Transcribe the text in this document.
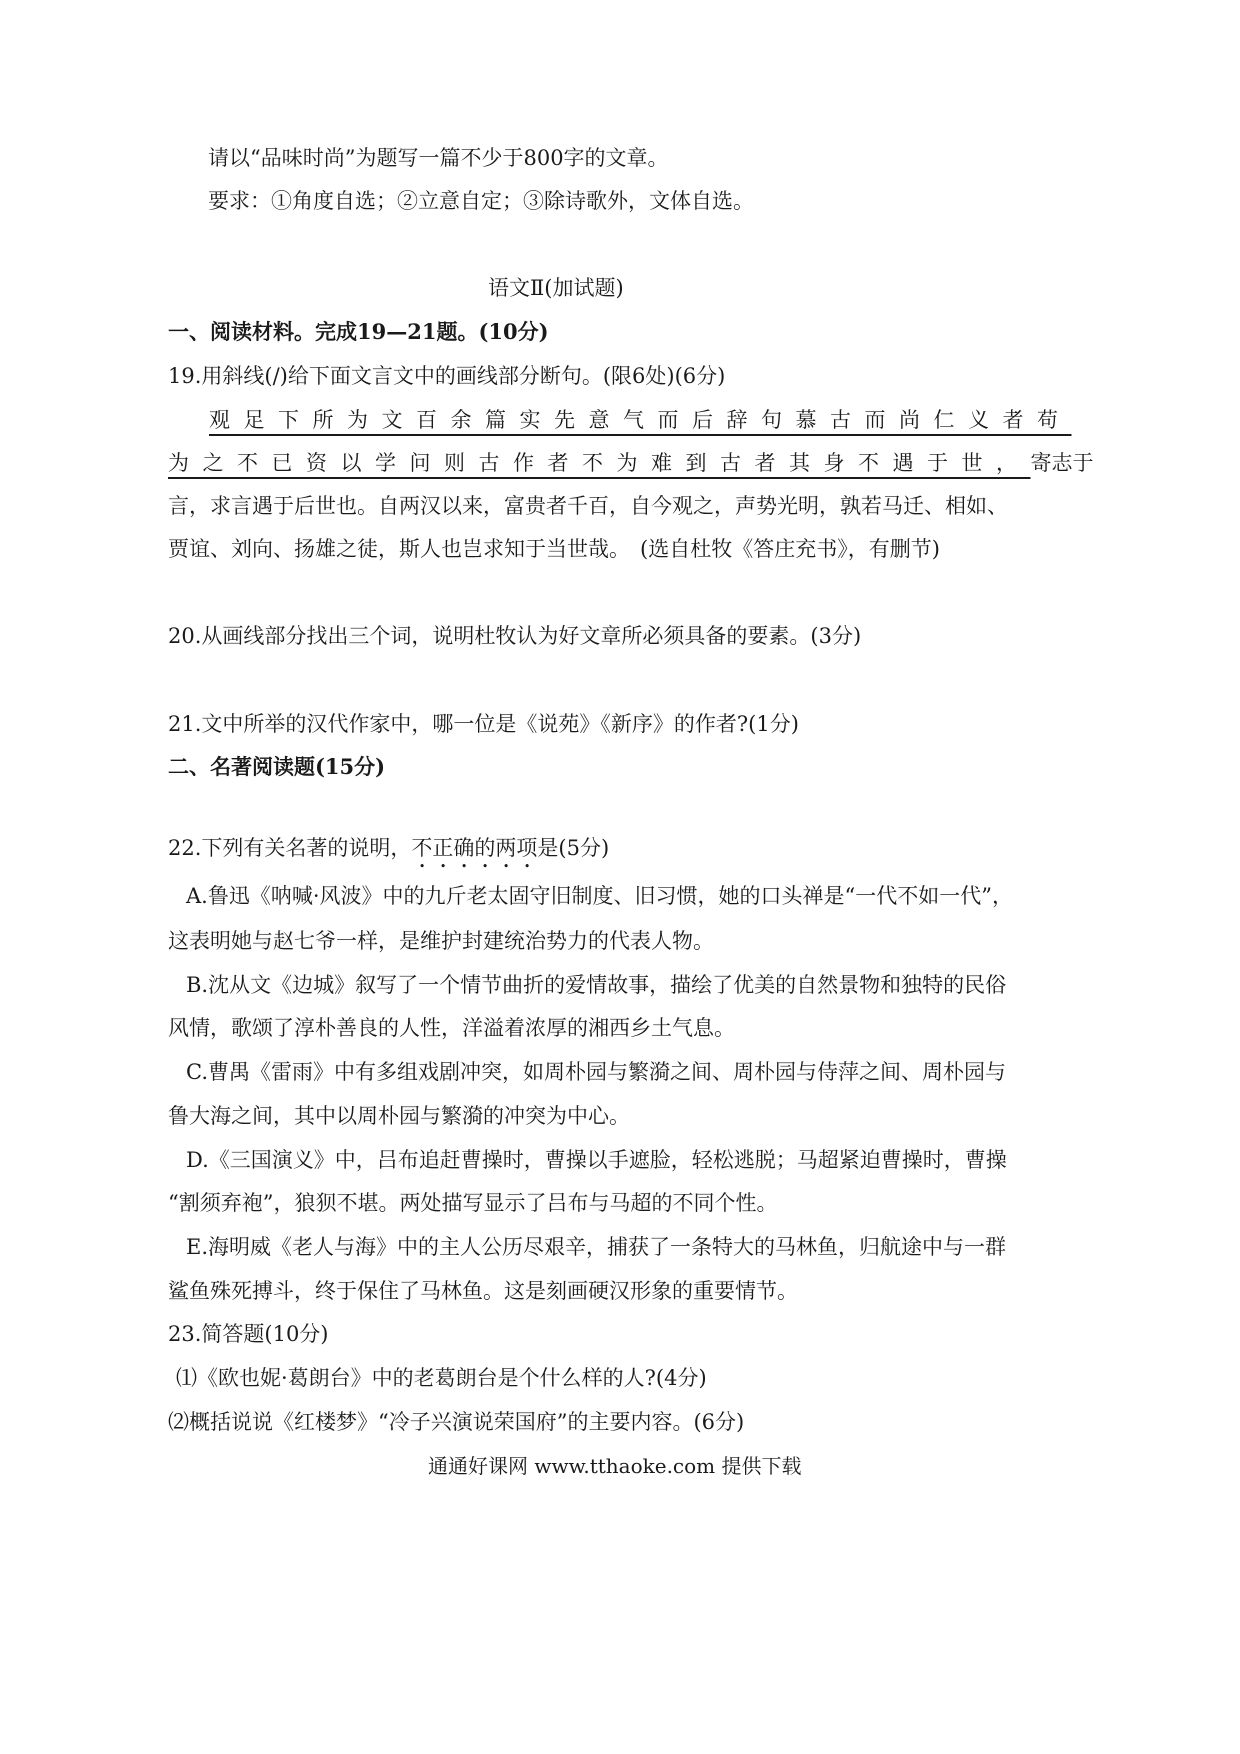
请以“品味时尚”为题写一篇不少于800字的文章。
要求：①角度自选；②立意自定；③除诗歌外，文体自选。
语文Ⅱ(加试题)
一、阅读材料。完成19—21题。(10分)
19.用斜线(/)给下面文言文中的画线部分断句。(限6处)(6分)
观足下所为文百余篇实先意气而后辞句慕古而尚仁义者苟
为之不已资以学问则古作者不为难到古者其身不遇于世，寄志于
言，求言遇于后世也。自两汉以来，富贵者千百，自今观之，声势光明，孰若马迁、相如、
贾谊、刘向、扬雄之徒，斯人也岂求知于当世哉。 (选自杜牧《答庄充书》，有删节)
20.从画线部分找出三个词，说明杜牧认为好文章所必须具备的要素。(3分)
21.文中所举的汉代作家中，哪一位是《说苑》《新序》的作者?(1分)
二、名著阅读题(15分)
22.下列有关名著的说明，不正确的两项是(5分)
A.鲁迅《呐喊·风波》中的九斤老太固守旧制度、旧习惯，她的口头禅是“一代不如一代”，
这表明她与赵七爷一样，是维护封建统治势力的代表人物。
B.沈从文《边城》叙写了一个情节曲折的爱情故事，描绘了优美的自然景物和独特的民俗
风情，歌颂了淳朴善良的人性，洋溢着浓厚的湘西乡土气息。
C.曹禺《雷雨》中有多组戏剧冲突，如周朴园与繁漪之间、周朴园与侍萍之间、周朴园与
鲁大海之间，其中以周朴园与繁漪的冲突为中心。
D.《三国演义》中，吕布追赶曹操时，曹操以手遮脸，轻松逃脱；马超紧迫曹操时，曹操
“割须弃袍”，狼狈不堪。两处描写显示了吕布与马超的不同个性。
E.海明威《老人与海》中的主人公历尽艰辛，捕获了一条特大的马林鱼，归航途中与一群
鲨鱼殊死搏斗，终于保住了马林鱼。这是刻画硬汉形象的重要情节。
23.简答题(10分)
⑴《欧也妮·葛朗台》中的老葛朗台是个什么样的人?(4分)
⑵概括说说《红楼梦》“冷子兴演说荣国府”的主要内容。(6分)
通通好课网 www.tthaoke.com 提供下载
